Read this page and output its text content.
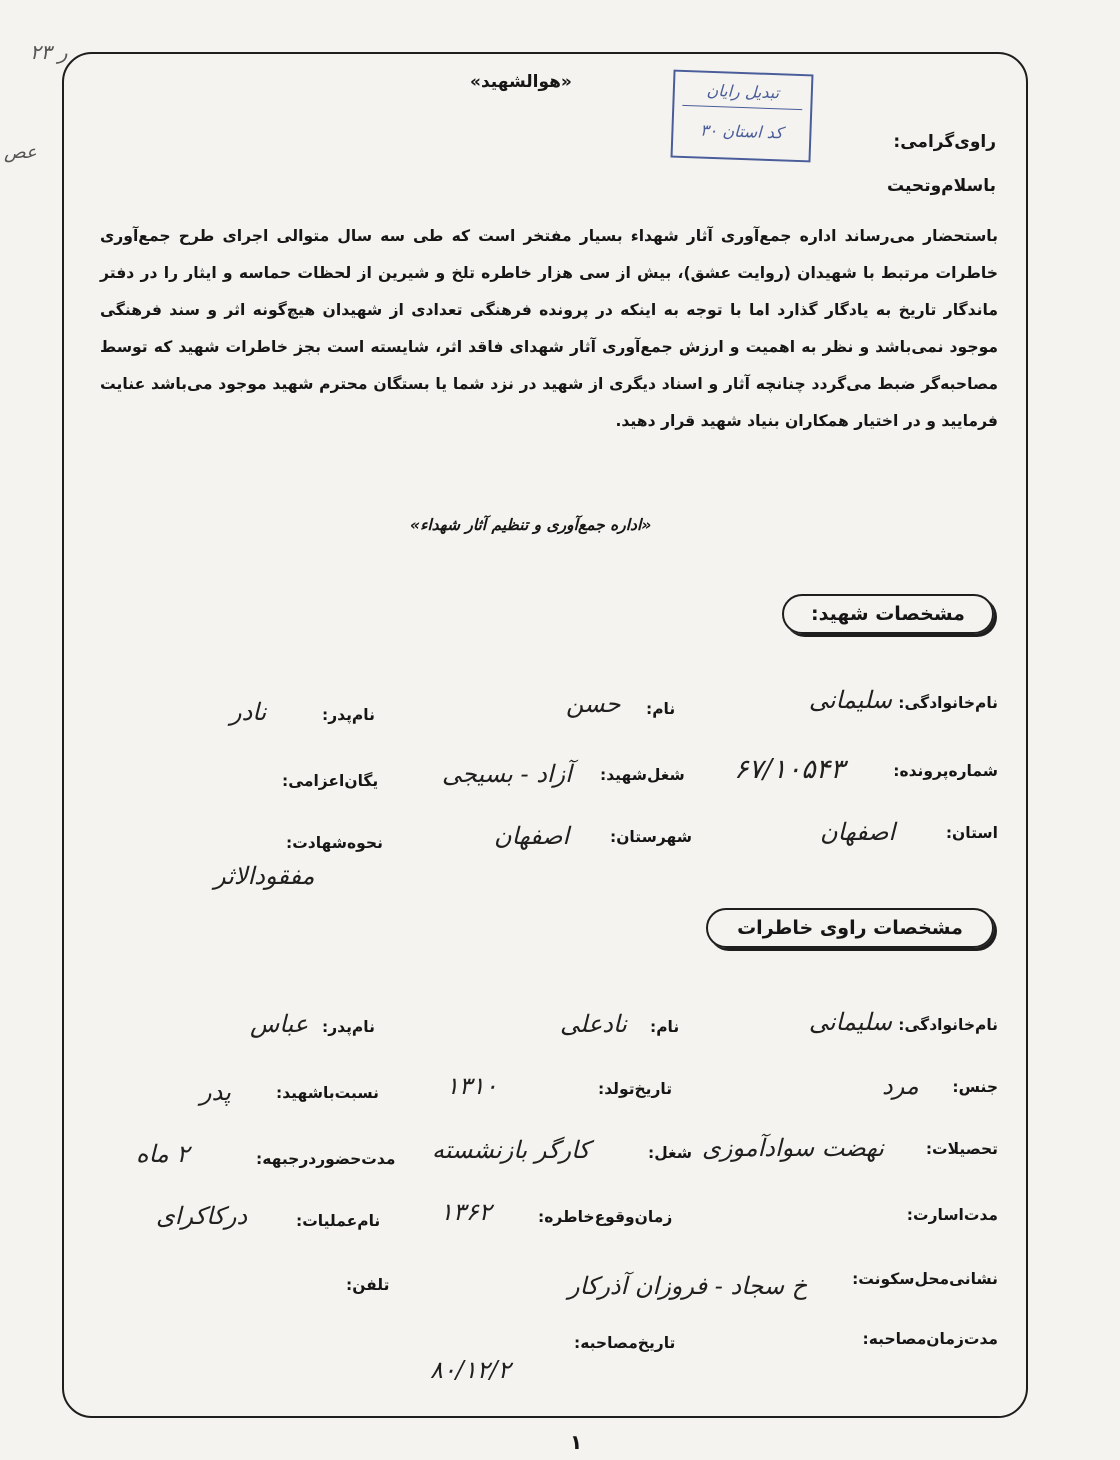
۲۳ ر
عص
«هوالشهید»	تبدیل رایان
کد استان ۳۰	راوی‌گرامی:
باسلام‌وتحیت
باستحضار می‌رساند اداره جمع‌آوری آثار شهداء بسیار مفتخر است که طی سه سال متوالی اجرای طرح جمع‌آوری خاطرات مرتبط با شهیدان (روایت عشق)، بیش از سی هزار خاطره تلخ و شیرین از لحظات حماسه و ایثار را در دفتر ماندگار تاریخ به یادگار گذارد اما با توجه به اینکه در پرونده فرهنگی تعدادی از شهیدان هیچ‌گونه اثر و سند فرهنگی موجود نمی‌باشد و نظر به اهمیت و ارزش جمع‌آوری آثار شهدای فاقد اثر، شایسته است بجز خاطرات شهید که توسط مصاحبه‌گر ضبط می‌گردد چنانچه آثار و اسناد دیگری از شهید در نزد شما یا بستگان محترم شهید موجود می‌باشد عنایت فرمایید و در اختیار همکاران بنیاد شهید قرار دهید.
«اداره جمع‌آوری و تنظیم آثار شهداء»
مشخصات شهید:
نام‌خانوادگی:
سلیمانی
نام:
حسن
نام‌پدر:
نادر
شماره‌پرونده:
۶۷/۱۰۵۴۳
شغل‌شهید:
آزاد - بسیجی
یگان‌اعزامی:
استان:
اصفهان
شهرستان:
اصفهان
نحوه‌شهادت:
مفقودالاثر
مشخصات راوی خاطرات
نام‌خانوادگی:
سلیمانی
نام:
نادعلی
نام‌پدر:
عباس
جنس:
مرد
تاریخ‌تولد:
۱۳۱۰
نسبت‌باشهید:
پدر
تحصیلات:
نهضت سوادآموزی
شغل:
کارگر بازنشسته
مدت‌حضوردرجبهه:
۲ ماه
مدت‌اسارت:
زمان‌وقوع‌خاطره:
۱۳۶۲
نام‌عملیات:
درکاکرای
نشانی‌محل‌سکونت:
خ سجاد - فروزان آذرکار
تلفن:
مدت‌زمان‌مصاحبه:
تاریخ‌مصاحبه:
۸۰/۱۲/۲
۱
